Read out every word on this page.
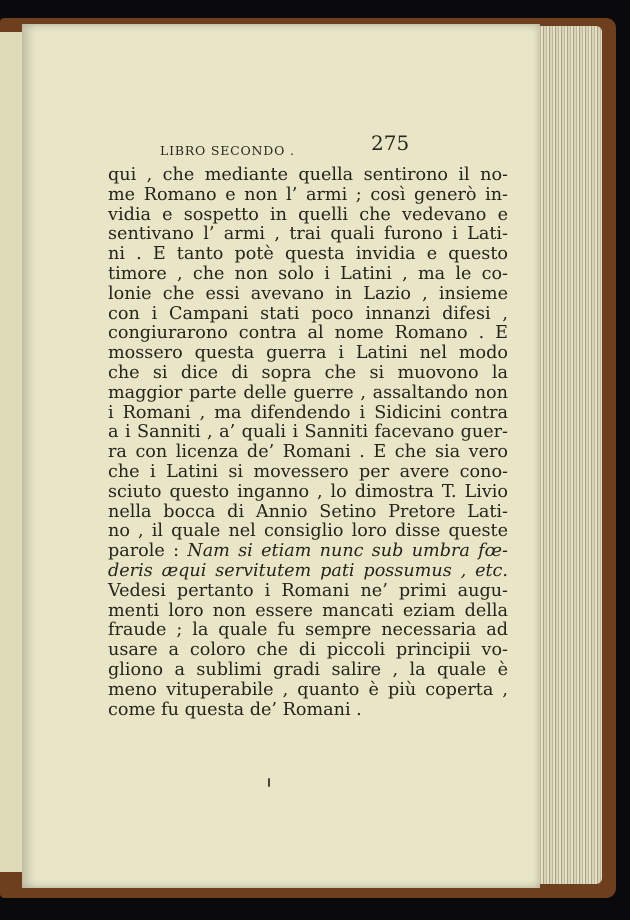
LIBRO SECONDO .	275
qui , che mediante quella sentirono il no-
me Romano e non l’ armi ; così generò in-
vidia e sospetto in quelli che vedevano e
sentivano l’ armi , trai quali furono i Lati-
ni . E tanto potè questa invidia e questo
timore , che non solo i Latini , ma le co-
lonie che essi avevano in Lazio , insieme
con i Campani stati poco innanzi difesi ,
congiurarono contra al nome Romano . E
mossero questa guerra i Latini nel modo
che si dice di sopra che si muovono la
maggior parte delle guerre , assaltando non
i Romani , ma difendendo i Sidicini contra
a i Sanniti , a’ quali i Sanniti facevano guer-
ra con licenza de’ Romani . E che sia vero
che i Latini si movessero per avere cono-
sciuto questo inganno , lo dimostra T. Livio
nella bocca di Annio Setino Pretore Lati-
no , il quale nel consiglio loro disse queste
parole : Nam si etiam nunc sub umbra fœ-
deris æqui servitutem pati possumus , etc.
Vedesi pertanto i Romani ne’ primi augu-
menti loro non essere mancati eziam della
fraude ; la quale fu sempre necessaria ad
usare a coloro che di piccoli principii vo-
gliono a sublimi gradi salire , la quale è
meno vituperabile , quanto è più coperta ,
come fu questa de’ Romani .
